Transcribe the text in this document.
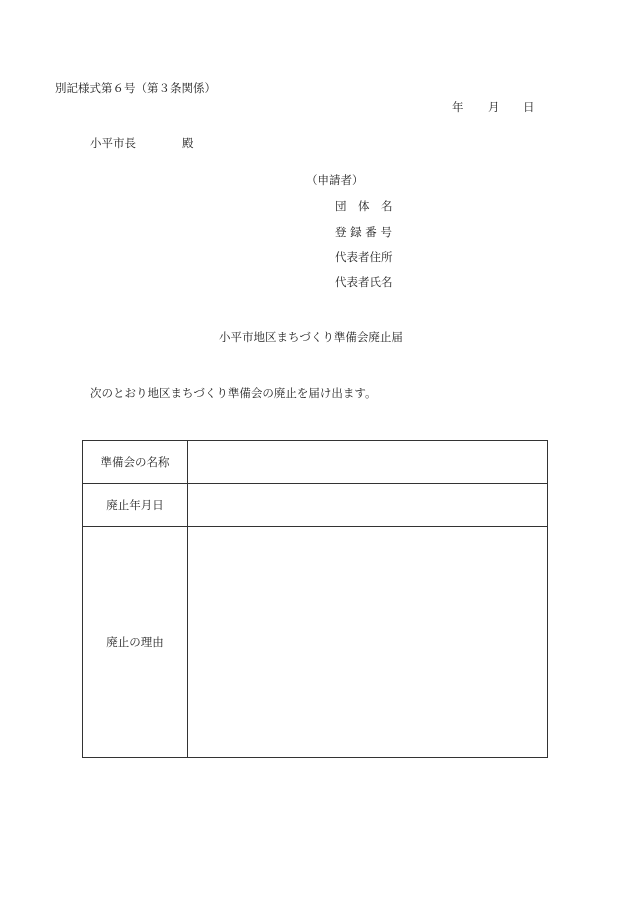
別記様式第６号（第３条関係）
年 月 日
小平市長	殿
（申請者）
団　体　名
登 録 番 号
代表者住所
代表者氏名
小平市地区まちづくり準備会廃止届
次のとおり地区まちづくり準備会の廃止を届け出ます。
準備会の名称	
廃止年月日	
廃止の理由	
